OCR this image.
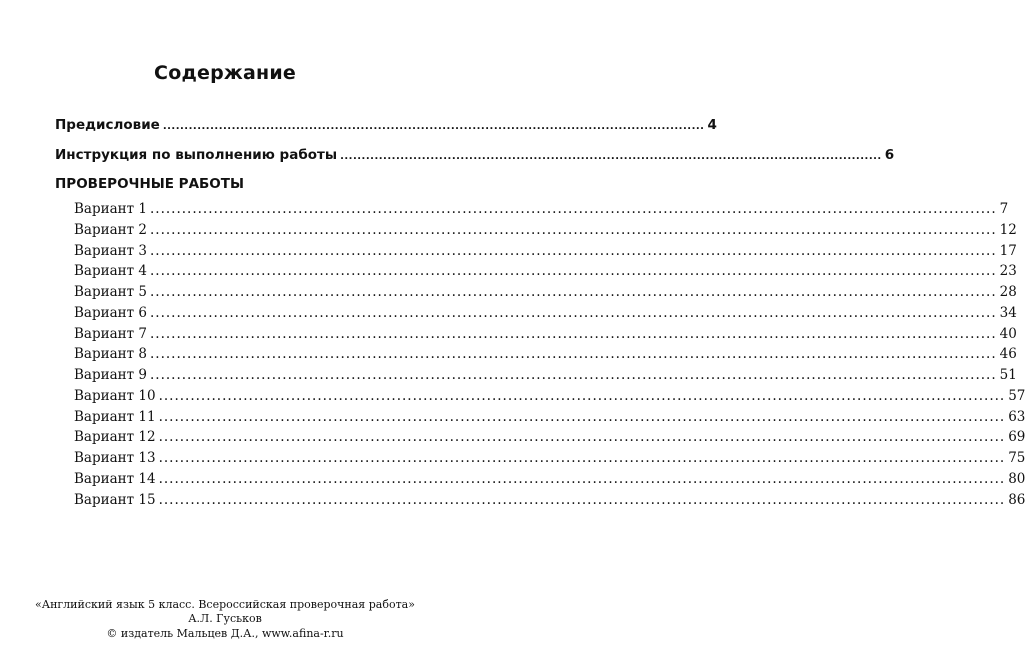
Содержание
Предисловие .............................................................................................................................. 4
Инструкция по выполнению работы .............................................................................................................................. 6
ПРОВЕРОЧНЫЕ РАБОТЫ
Вариант 1 ................................................................................................................................................................ 7
Вариант 2 ................................................................................................................................................................ 12
Вариант 3 ................................................................................................................................................................ 17
Вариант 4 ................................................................................................................................................................ 23
Вариант 5 ................................................................................................................................................................ 28
Вариант 6 ................................................................................................................................................................ 34
Вариант 7 ................................................................................................................................................................ 40
Вариант 8 ................................................................................................................................................................ 46
Вариант 9 ................................................................................................................................................................ 51
Вариант 10 ................................................................................................................................................................ 57
Вариант 11 ................................................................................................................................................................ 63
Вариант 12 ................................................................................................................................................................ 69
Вариант 13 ................................................................................................................................................................ 75
Вариант 14 ................................................................................................................................................................ 80
Вариант 15 ................................................................................................................................................................ 86
«Английский язык 5 класс. Всероссийская проверочная работа»
А.Л. Гуськов
© издатель Мальцев Д.А., www.afina-r.ru
